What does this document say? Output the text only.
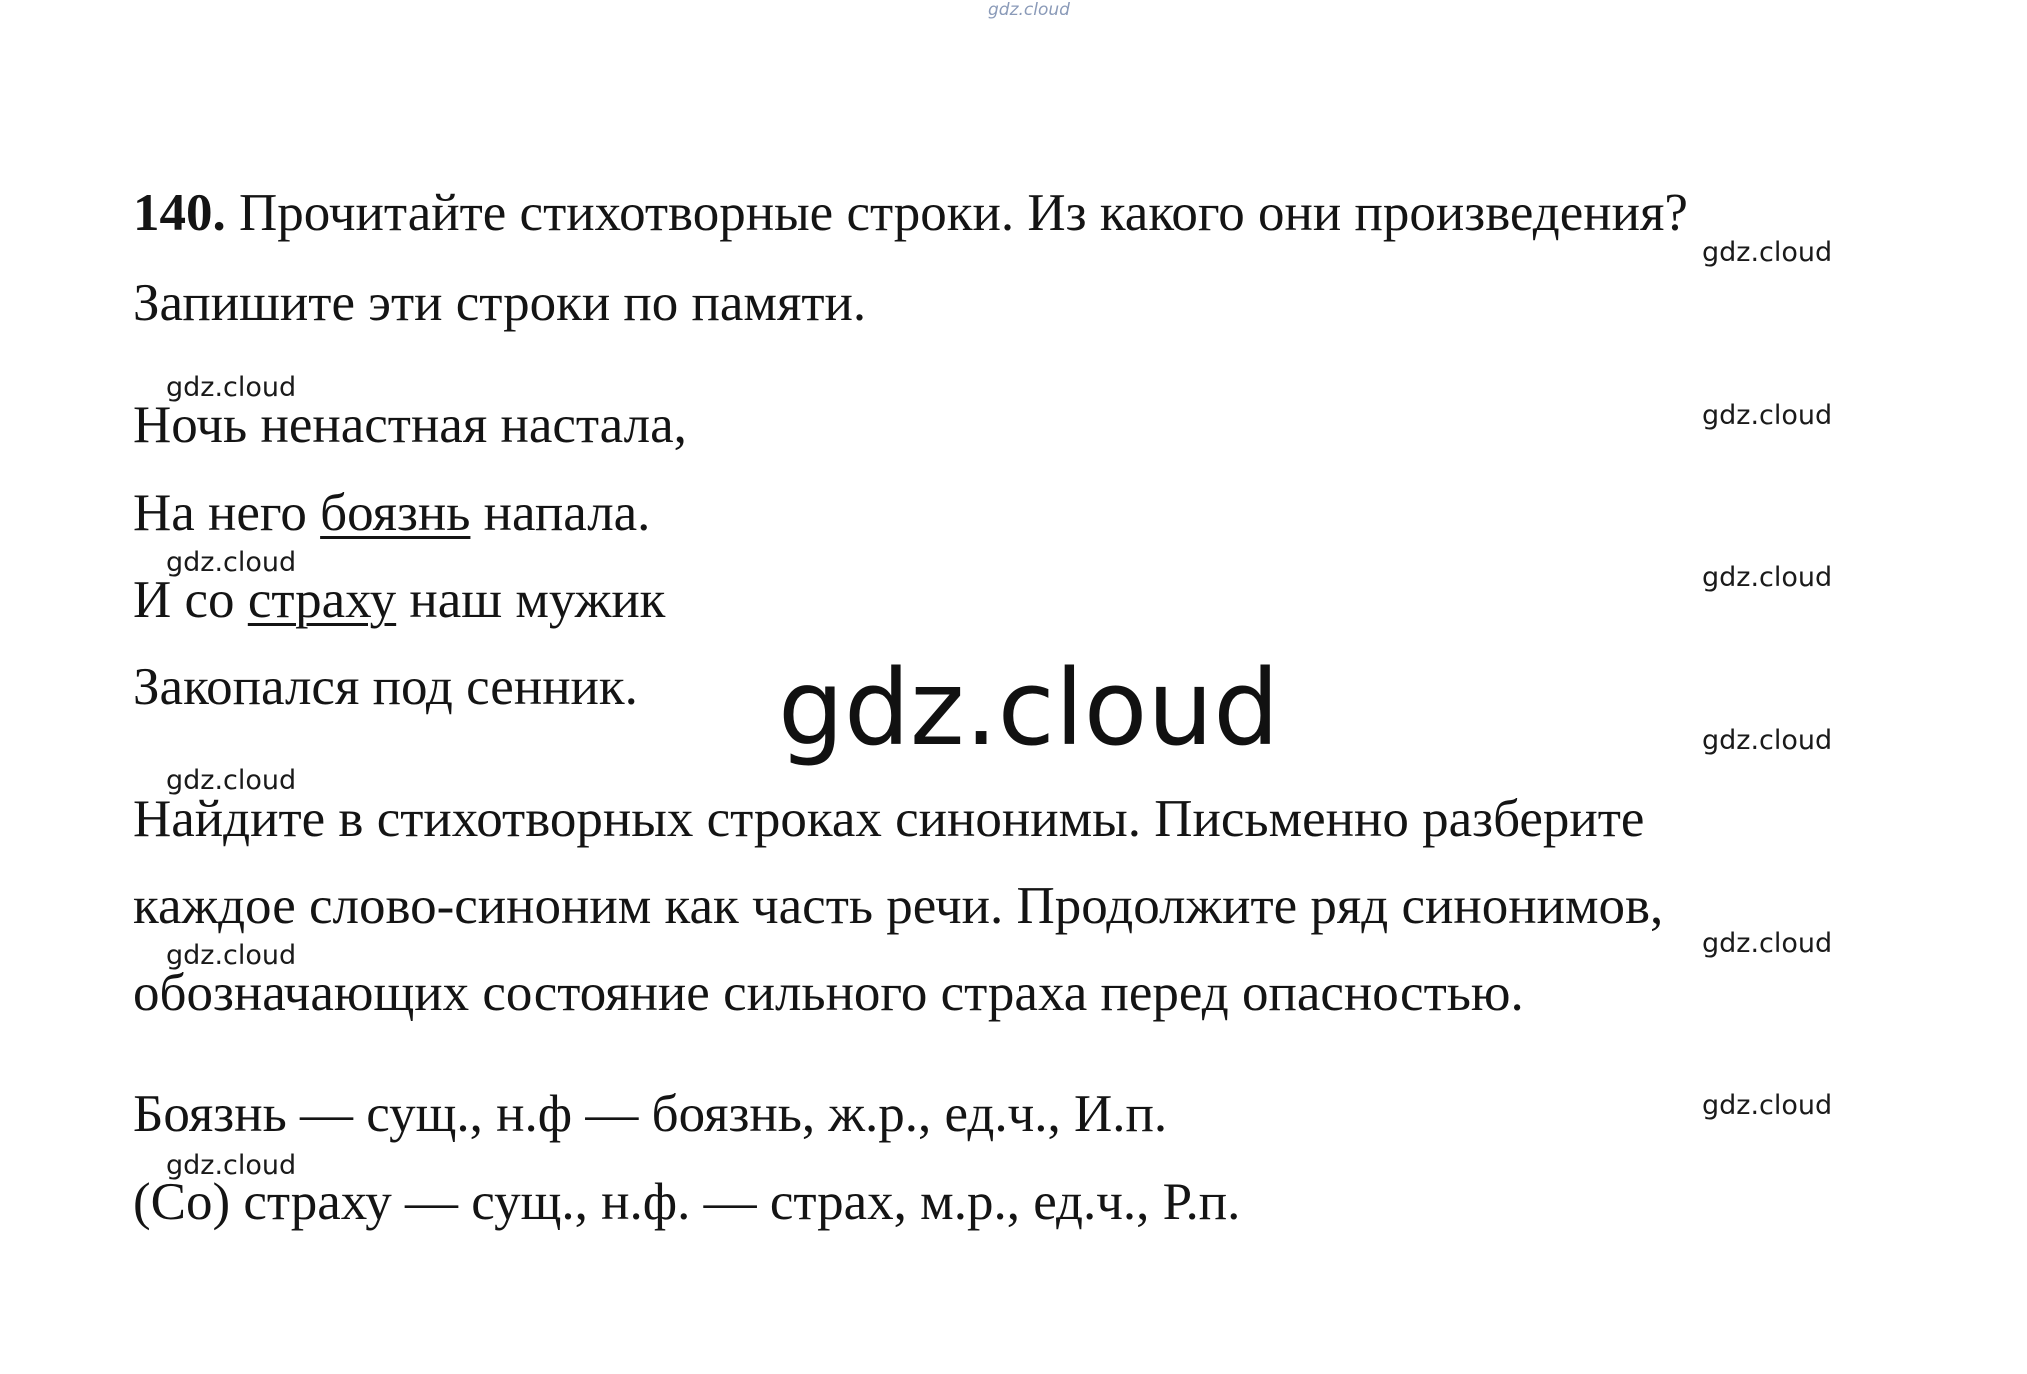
gdz.cloud

140. Прочитайте стихотворные строки. Из какого они произведения?

Запишите эти строки по памяти.

Ночь ненастная настала,

На него боязнь напала.

И со страху наш мужик

Закопался под сенник.

Найдите в стихотворных строках синонимы. Письменно разберите

каждое слово-синоним как часть речи. Продолжите ряд синонимов,

обозначающих состояние сильного страха перед опасностью.

Боязнь — сущ., н.ф — боязнь, ж.р., ед.ч., И.п.

(Со) страху — сущ., н.ф. — страх, м.р., ед.ч., Р.п.

gdz.cloud
gdz.cloud
gdz.cloud
gdz.cloud
gdz.cloud
gdz.cloud
gdz.cloud
gdz.cloud
gdz.cloud
gdz.cloud
gdz.cloud
gdz.cloud
